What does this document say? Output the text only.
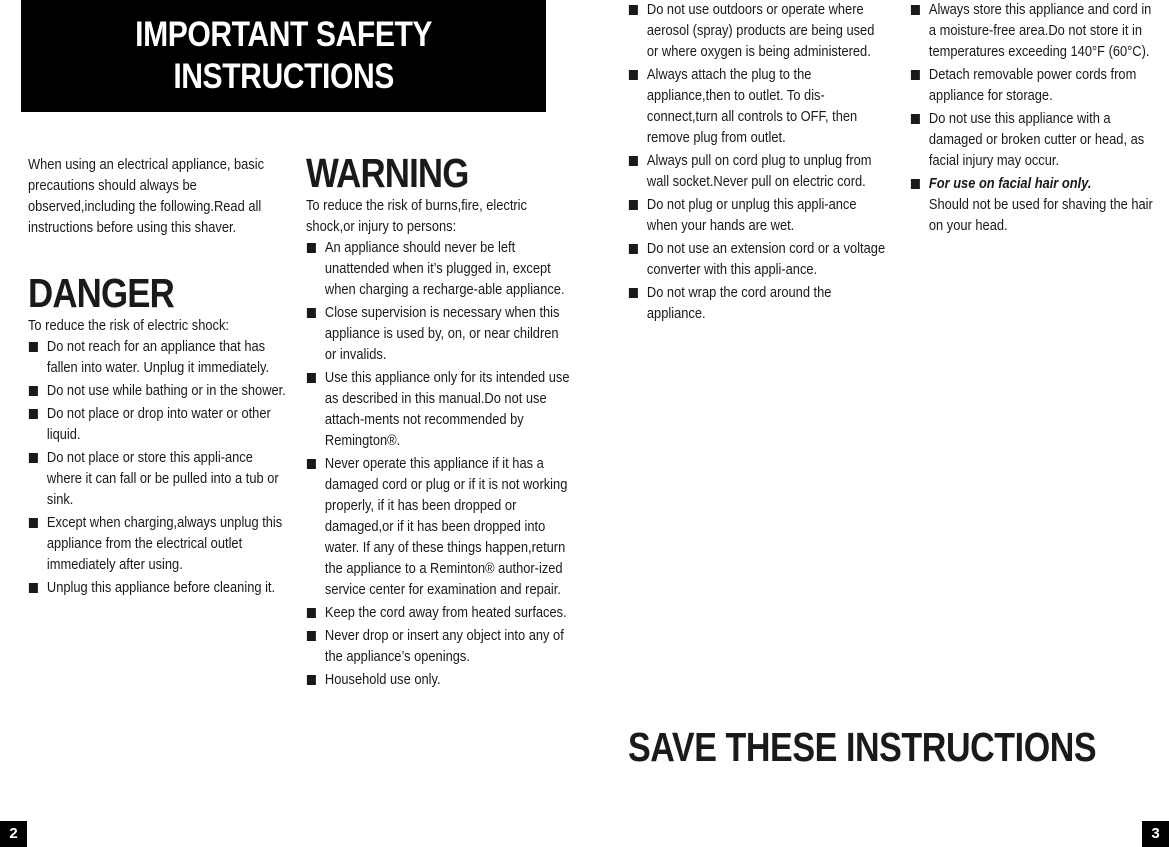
IMPORTANT SAFETY
INSTRUCTIONS

When using an electrical appliance, basic precautions should always be observed,including the following.Read all instructions before using this shaver.

DANGER
To reduce the risk of electric shock:
Do not reach for an appliance that has fallen into water. Unplug it immediately.
Do not use while bathing or in the shower.
Do not place or drop into water or other liquid.
Do not place or store this appli-ance where it can fall or be pulled into a tub or sink.
Except when charging,always unplug this appliance from the electrical outlet immediately after using.
Unplug this appliance before cleaning it.
WARNING
To reduce the risk of burns,fire, electric shock,or injury to persons:
An appliance should never be left unattended when it’s plugged in, except when charging a recharge-able appliance.
Close supervision is necessary when this appliance is used by, on, or near children or invalids.
Use this appliance only for its intended use as described in this manual.Do not use attach-ments not recommended by Remington®.
Never operate this appliance if it has a damaged cord or plug or if it is not working properly, if it has been dropped or damaged,or if it has been dropped into water. If any of these things happen,return the appliance to a Reminton® author-ized service center for examination and repair.
Keep the cord away from heated surfaces.
Never drop or insert any object into any of the appliance’s openings.
Household use only.
2
Do not use outdoors or operate where aerosol (spray) products are being used or where oxygen is being administered.
Always attach the plug to the appliance,then to outlet. To dis-connect,turn all controls to OFF, then remove plug from outlet.
Always pull on cord plug to unplug from wall socket.Never pull on electric cord.
Do not plug or unplug this appli-ance when your hands are wet.
Do not use an extension cord or a voltage converter with this appli-ance.
Do not wrap the cord around the appliance.
Always store this appliance and cord in a moisture-free area.Do not store it in temperatures exceeding 140°F (60°C).
Detach removable power cords from appliance for storage.
Do not use this appliance with a damaged or broken cutter or head, as facial injury may occur.
For use on facial hair only.
Should not be used for shaving the hair on your head.
SAVE THESE INSTRUCTIONS
3
